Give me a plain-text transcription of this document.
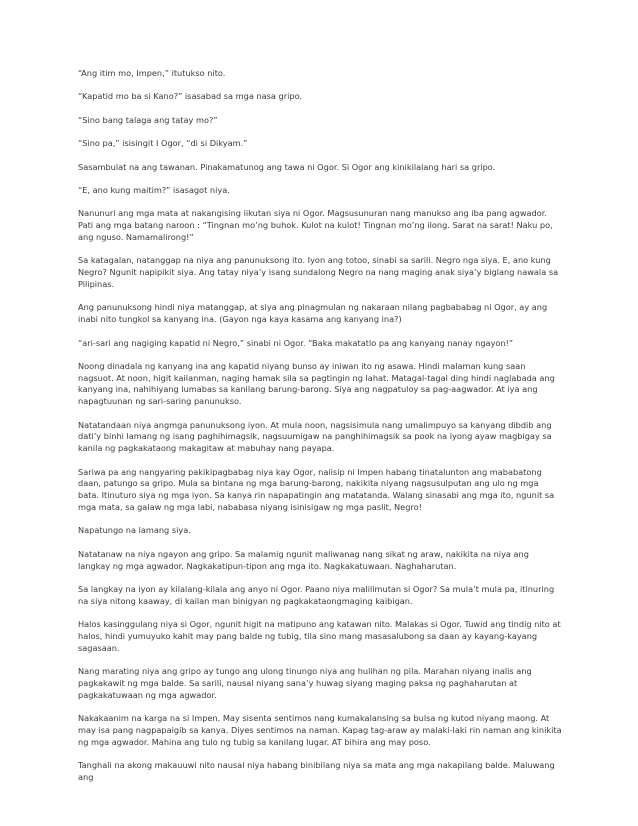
“Ang itim mo, Impen,” itutukso nito.

“Kapatid mo ba si Kano?” isasabad sa mga nasa gripo.

“Sino bang talaga ang tatay mo?”

“Sino pa,” isisingit I Ogor, “di si Dikyam.”

Sasambulat na ang tawanan. Pinakamatunog ang tawa ni Ogor. Si Ogor ang kinikilalang hari sa gripo.

“E, ano kung maitim?” isasagot niya.

Nanunuri ang mga mata at nakangising iikutan siya ni Ogor. Magsusunuran nang manukso ang iba pang agwador. Pati ang mga batang naroon : “Tingnan mo’ng buhok. Kulot na kulot! Tingnan mo’ng ilong. Sarat na sarat! Naku po, ang nguso. Namamalirong!”

Sa katagalan, natanggap na niya ang panunuksong ito. Iyon ang totoo, sinabi sa sarili. Negro nga siya. E, ano kung Negro? Ngunit napipikit siya. Ang tatay niya’y isang sundalong Negro na nang maging anak siya’y biglang nawala sa Pilipinas.

Ang panunuksong hindi niya matanggap, at siya ang pinagmulan ng nakaraan nilang pagbababag ni Ogor, ay ang inabi nito tungkol sa kanyang ina. (Gayon nga kaya kasama ang kanyang ina?)

“ari-sari ang nagiging kapatid ni Negro,” sinabi ni Ogor. “Baka makatatlo pa ang kanyang nanay ngayon!”

Noong dinadala ng kanyang ina ang kapatid niyang bunso ay iniwan ito ng asawa. Hindi malaman kung saan nagsuot. At noon, higit kailanman, naging hamak sila sa pagtingin ng lahat. Matagal-tagal ding hindi naglabada ang kanyang ina, nahihiyang lumabas sa kanilang barung-barong. Siya ang nagpatuloy sa pag-aagwador. At iya ang napagtuunan ng sari-saring panunukso.

Natatandaan niya angmga panunuksong iyon. At mula noon, nagsisimula nang umalimpuyo sa kanyang dibdib ang dati’y binhi lamang ng isang paghihimagsik, nagsuumigaw na panghihimagsik sa pook na iyong ayaw magbigay sa kanila ng pagkakataong makagitaw at mabuhay nang payapa.

Sariwa pa ang nangyaring pakikipagbabag niya kay Ogor, naiisip ni Impen habang tinatalunton ang mababatong daan, patungo sa gripo. Mula sa bintana ng mga barung-barong, nakikita niyang nagsusulputan ang ulo ng mga bata. Itinuturo siya ng mga iyon. Sa kanya rin napapatingin ang matatanda. Walang sinasabi ang mga ito, ngunit sa mga mata, sa galaw ng mga labi, nababasa niyang isinisigaw ng mga paslit, Negro!

Napatungo na lamang siya.

Natatanaw na niya ngayon ang gripo. Sa malamig ngunit maliwanag nang sikat ng araw, nakikita na niya ang langkay ng mga agwador. Nagkakatipun-tipon ang mga ito. Nagkakatuwaan. Naghaharutan.

Sa langkay na iyon ay kilalang-kilala ang anyo ni Ogor. Paano niya malilimutan si Ogor? Sa mula’t mula pa, itinuring na siya nitong kaaway, di kailan man binigyan ng pagkakataongmaging kaibigan.

Halos kasinggulang niya si Ogor, ngunit higit na matipuno ang katawan nito. Malakas si Ogor. Tuwid ang tindig nito at halos, hindi yumuyuko kahit may pang balde ng tubig, tila sino mang masasalubong sa daan ay kayang-kayang sagasaan.

Nang marating niya ang gripo ay tungo ang ulong tinungo niya ang hulihan ng pila. Marahan niyang inalis ang pagkakawit ng mga balde. Sa sarili, nausal niyang sana’y huwag siyang maging paksa ng paghaharutan at pagkakatuwaan ng mga agwador.

Nakakaanim na karga na si Impen. May sisenta sentimos nang kumakalansing sa bulsa ng kutod niyang maong. At may isa pang nagpapaigib sa kanya. Diyes sentimos na naman. Kapag tag-araw ay malaki-laki rin naman ang kinikita ng mga agwador. Mahina ang tulo ng tubig sa kanilang lugar. AT bihira ang may poso.

Tanghali na akong makauuwi nito nausal niya habang binibilang niya sa mata ang mga nakapilang balde. Maluwang ang
